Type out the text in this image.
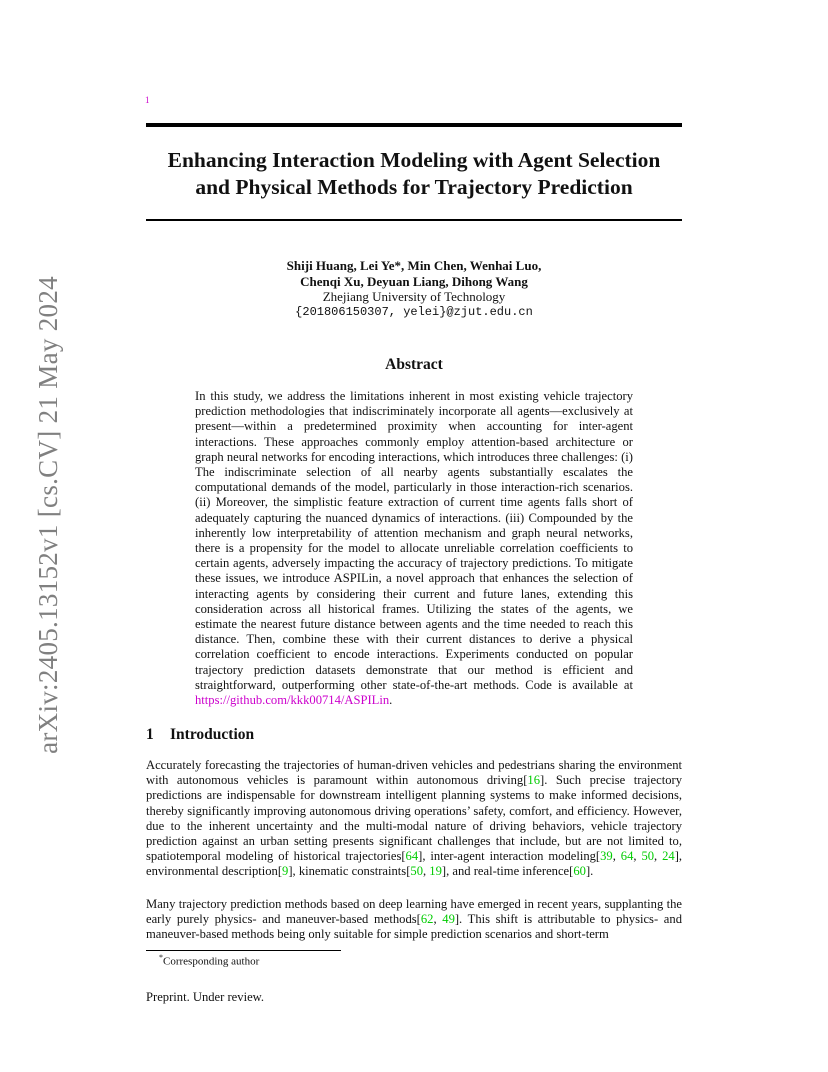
1
arXiv:2405.13152v1 [cs.CV] 21 May 2024
Enhancing Interaction Modeling with Agent Selection
and Physical Methods for Trajectory Prediction
Shiji Huang, Lei Ye*, Min Chen, Wenhai Luo,
Chenqi Xu, Deyuan Liang, Dihong Wang
Zhejiang University of Technology
{201806150307, yelei}@zjut.edu.cn
Abstract
In this study, we address the limitations inherent in most existing vehicle trajectory prediction methodologies that indiscriminately incorporate all agents—exclusively at present—within a predetermined proximity when accounting for inter-agent interactions. These approaches commonly employ attention-based architecture or graph neural networks for encoding interactions, which introduces three challenges: (i) The indiscriminate selection of all nearby agents substantially escalates the computational demands of the model, particularly in those interaction-rich scenarios. (ii) Moreover, the simplistic feature extraction of current time agents falls short of adequately capturing the nuanced dynamics of interactions. (iii) Compounded by the inherently low interpretability of attention mechanism and graph neural networks, there is a propensity for the model to allocate unreliable correlation coefficients to certain agents, adversely impacting the accuracy of trajectory predictions. To mitigate these issues, we introduce ASPILin, a novel approach that enhances the selection of interacting agents by considering their current and future lanes, extending this consideration across all historical frames. Utilizing the states of the agents, we estimate the nearest future distance between agents and the time needed to reach this distance. Then, combine these with their current distances to derive a physical correlation coefficient to encode interactions. Experiments conducted on popular trajectory prediction datasets demonstrate that our method is efficient and straightforward, outperforming other state-of-the-art methods. Code is available at https://github.com/kkk00714/ASPILin.
1 Introduction
Accurately forecasting the trajectories of human-driven vehicles and pedestrians sharing the environment with autonomous vehicles is paramount within autonomous driving[16]. Such precise trajectory predictions are indispensable for downstream intelligent planning systems to make informed decisions, thereby significantly improving autonomous driving operations’ safety, comfort, and efficiency. However, due to the inherent uncertainty and the multi-modal nature of driving behaviors, vehicle trajectory prediction against an urban setting presents significant challenges that include, but are not limited to, spatiotemporal modeling of historical trajectories[64], inter-agent interaction modeling[39, 64, 50, 24], environmental description[9], kinematic constraints[50, 19], and real-time inference[60].
Many trajectory prediction methods based on deep learning have emerged in recent years, supplanting the early purely physics- and maneuver-based methods[62, 49]. This shift is attributable to physics- and maneuver-based methods being only suitable for simple prediction scenarios and short-term
*Corresponding author
Preprint. Under review.
